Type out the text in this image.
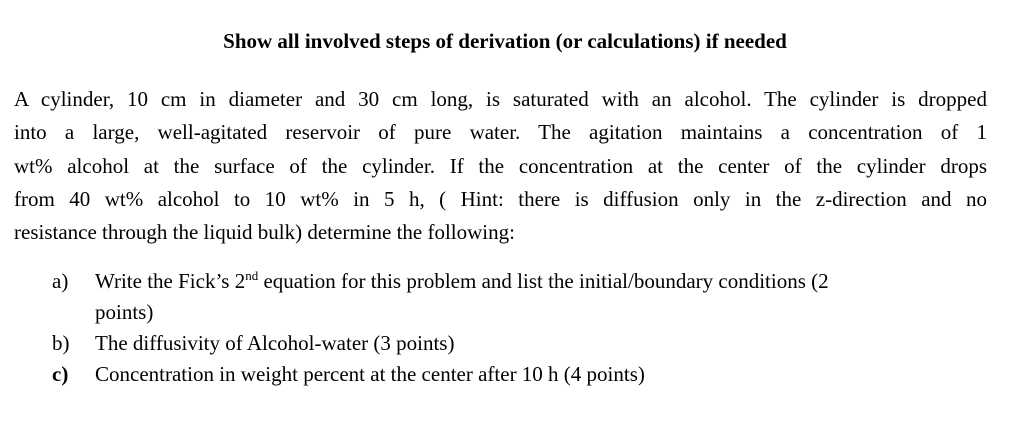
Show all involved steps of derivation (or calculations) if needed

A cylinder, 10 cm in diameter and 30 cm long, is saturated with an alcohol. The cylinder is dropped
into a large, well-agitated reservoir of pure water. The agitation maintains a concentration of 1
wt% alcohol at the surface of the cylinder. If the concentration at the center of the cylinder drops
from 40 wt% alcohol to 10 wt% in 5 h, ( Hint: there is diffusion only in the z-direction and no
resistance through the liquid bulk) determine the following:

a) Write the Fick’s 2nd equation for this problem and list the initial/boundary conditions (2
points)
b) The diffusivity of Alcohol-water (3 points)
c) Concentration in weight percent at the center after 10 h (4 points)
